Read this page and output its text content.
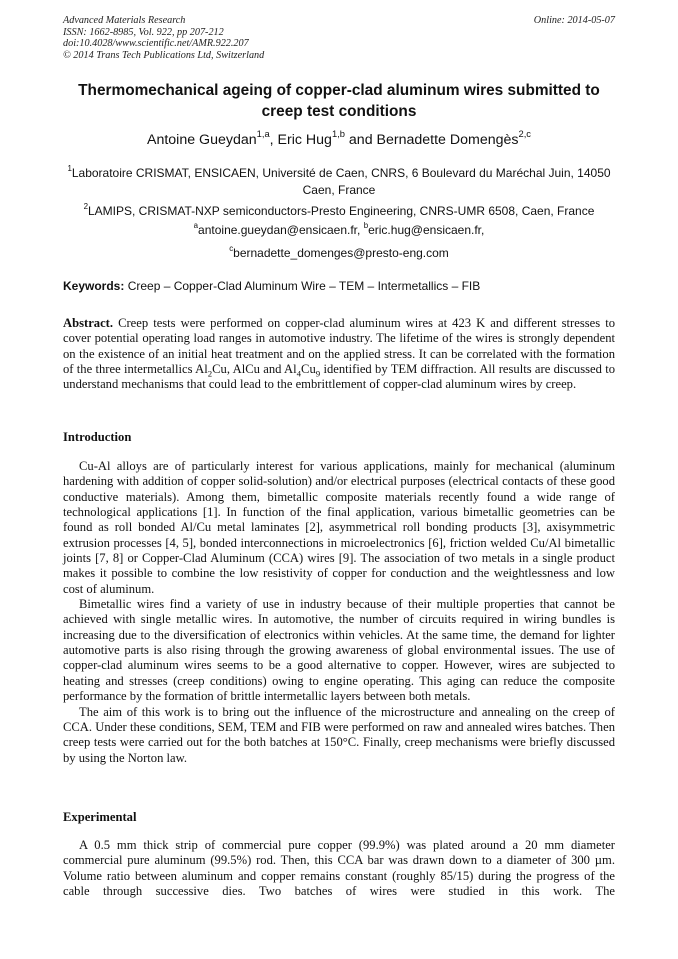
Advanced Materials Research
ISSN: 1662-8985, Vol. 922, pp 207-212
doi:10.4028/www.scientific.net/AMR.922.207
© 2014 Trans Tech Publications Ltd, Switzerland
Online: 2014-05-07
Thermomechanical ageing of copper-clad aluminum wires submitted to creep test conditions
Antoine Gueydan$^{1,a}$, Eric Hug$^{1,b}$ and Bernadette Domengès$^{2,c}$
$^1$Laboratoire CRISMAT, ENSICAEN, Université de Caen, CNRS, 6 Boulevard du Maréchal Juin, 14050 Caen, France
$^2$LAMIPS, CRISMAT-NXP semiconductors-Presto Engineering, CNRS-UMR 6508, Caen, France
$^a$antoine.gueydan@ensicaen.fr, $^b$eric.hug@ensicaen.fr,
$^c$bernadette_domenges@presto-eng.com
Keywords: Creep – Copper-Clad Aluminum Wire – TEM – Intermetallics – FIB

Abstract. Creep tests were performed on copper-clad aluminum wires at 423 K and different stresses to cover potential operating load ranges in automotive industry. The lifetime of the wires is strongly dependent on the existence of an initial heat treatment and on the applied stress. It can be correlated with the formation of the three intermetallics $Al_2Cu$, AlCu and $Al_4Cu_9$ identified by TEM diffraction. All results are discussed to understand mechanisms that could lead to the embrittlement of copper-clad aluminum wires by creep.

Introduction

Cu-Al alloys are of particularly interest for various applications, mainly for mechanical (aluminum hardening with addition of copper solid-solution) and/or electrical purposes (electrical contacts of these good conductive materials). Among them, bimetallic composite materials recently found a wide range of technological applications [1]. In function of the final application, various bimetallic geometries can be found as roll bonded Al/Cu metal laminates [2], asymmetrical roll bonding products [3], axisymmetric extrusion processes [4, 5], bonded interconnections in microelectronics [6], friction welded Cu/Al bimetallic joints [7, 8] or Copper-Clad Aluminum (CCA) wires [9]. The association of two metals in a single product makes it possible to combine the low resistivity of copper for conduction and the weightlessness and low cost of aluminum.

Bimetallic wires find a variety of use in industry because of their multiple properties that cannot be achieved with single metallic wires. In automotive, the number of circuits required in wiring bundles is increasing due to the diversification of electronics within vehicles. At the same time, the demand for lighter automotive parts is also rising through the growing awareness of global environmental issues. The use of copper-clad aluminum wires seems to be a good alternative to copper. However, wires are subjected to heating and stresses (creep conditions) owing to engine operating. This aging can reduce the composite performance by the formation of brittle intermetallic layers between both metals.

The aim of this work is to bring out the influence of the microstructure and annealing on the creep of CCA. Under these conditions, SEM, TEM and FIB were performed on raw and annealed wires batches. Then creep tests were carried out for the both batches at 150°C. Finally, creep mechanisms were briefly discussed by using the Norton law.

Experimental

A 0.5 mm thick strip of commercial pure copper (99.9%) was plated around a 20 mm diameter commercial pure aluminum (99.5%) rod. Then, this CCA bar was drawn down to a diameter of 300 µm. Volume ratio between aluminum and copper remains constant (roughly 85/15) during the progress of the cable through successive dies. Two batches of wires were studied in this work. The
